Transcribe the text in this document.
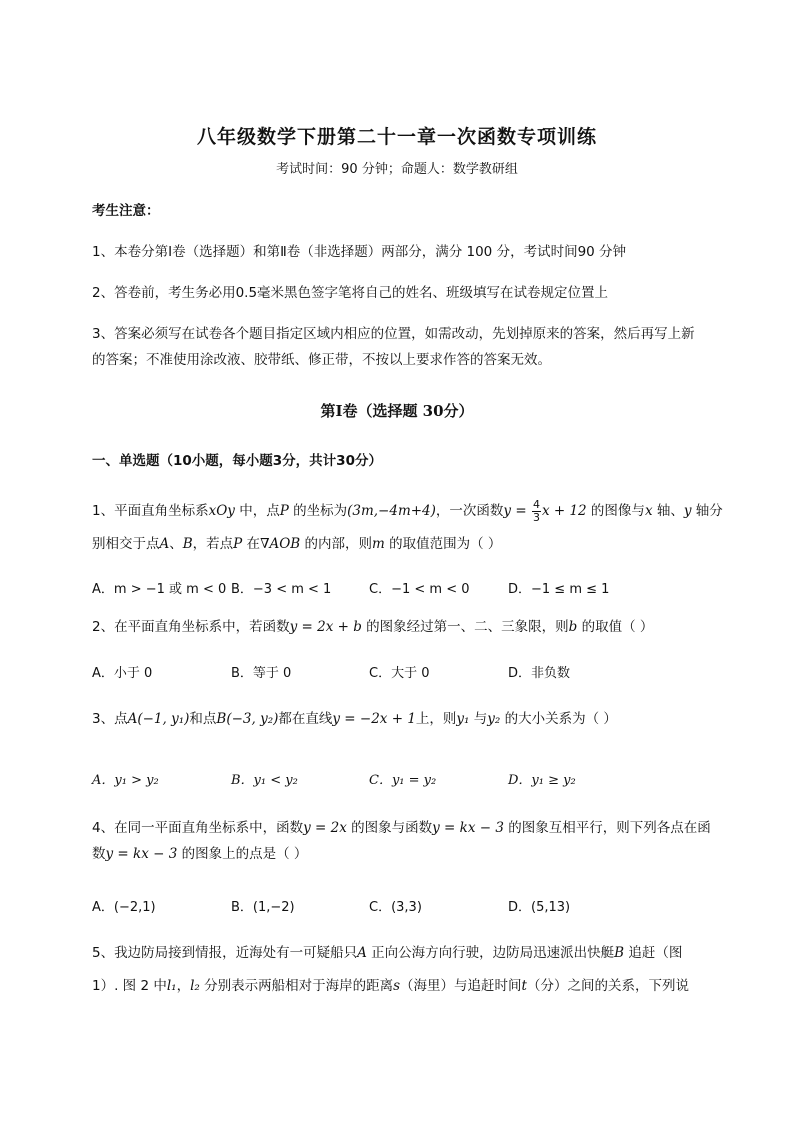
八年级数学下册第二十一章一次函数专项训练
考试时间：90 分钟；命题人：数学教研组
考生注意：
1、本卷分第Ⅰ卷（选择题）和第Ⅱ卷（非选择题）两部分，满分 100 分，考试时间90 分钟
2、答卷前，考生务必用0.5毫米黑色签字笔将自己的姓名、班级填写在试卷规定位置上
3、答案必须写在试卷各个题目指定区域内相应的位置，如需改动，先划掉原来的答案，然后再写上新
的答案；不准使用涂改液、胶带纸、修正带，不按以上要求作答的答案无效。
第Ⅰ卷（选择题 30分）
一、单选题（10小题，每小题3分，共计30分）
1、平面直角坐标系xOy 中，点P 的坐标为(3m,−4m+4)，一次函数$y = \frac{4}{3}$ x + 12 的图像与x 轴、y 轴分
别相交于点A、B，若点P 在∇AOB 的内部，则m 的取值范围为（ ）
A．m > −1 或 m < 0 B．−3 < m < 1	C．−1 < m < 0	D．−1 ≤ m ≤ 1
2、在平面直角坐标系中，若函数y = 2x + b 的图象经过第一、二、三象限，则b 的取值（ ）
A．小于 0	B．等于 0	C．大于 0	D．非负数
3、点A(−1, y₁)和点B(−3, y₂)都在直线y = −2x + 1上，则y₁ 与y₂ 的大小关系为（ ）
A．y₁ > y₂	B．y₁ < y₂	C．y₁ = y₂	D．y₁ ≥ y₂
4、在同一平面直角坐标系中，函数y = 2x 的图象与函数y = kx − 3 的图象互相平行，则下列各点在函
数y = kx − 3 的图象上的点是（ ）
A．(−2,1)	B．(1,−2)	C．(3,3)	D．(5,13)
5、我边防局接到情报，近海处有一可疑船只A 正向公海方向行驶，边防局迅速派出快艇B 追赶（图
1）. 图 2 中l₁，l₂ 分别表示两船相对于海岸的距离s（海里）与追赶时间t（分）之间的关系，下列说
